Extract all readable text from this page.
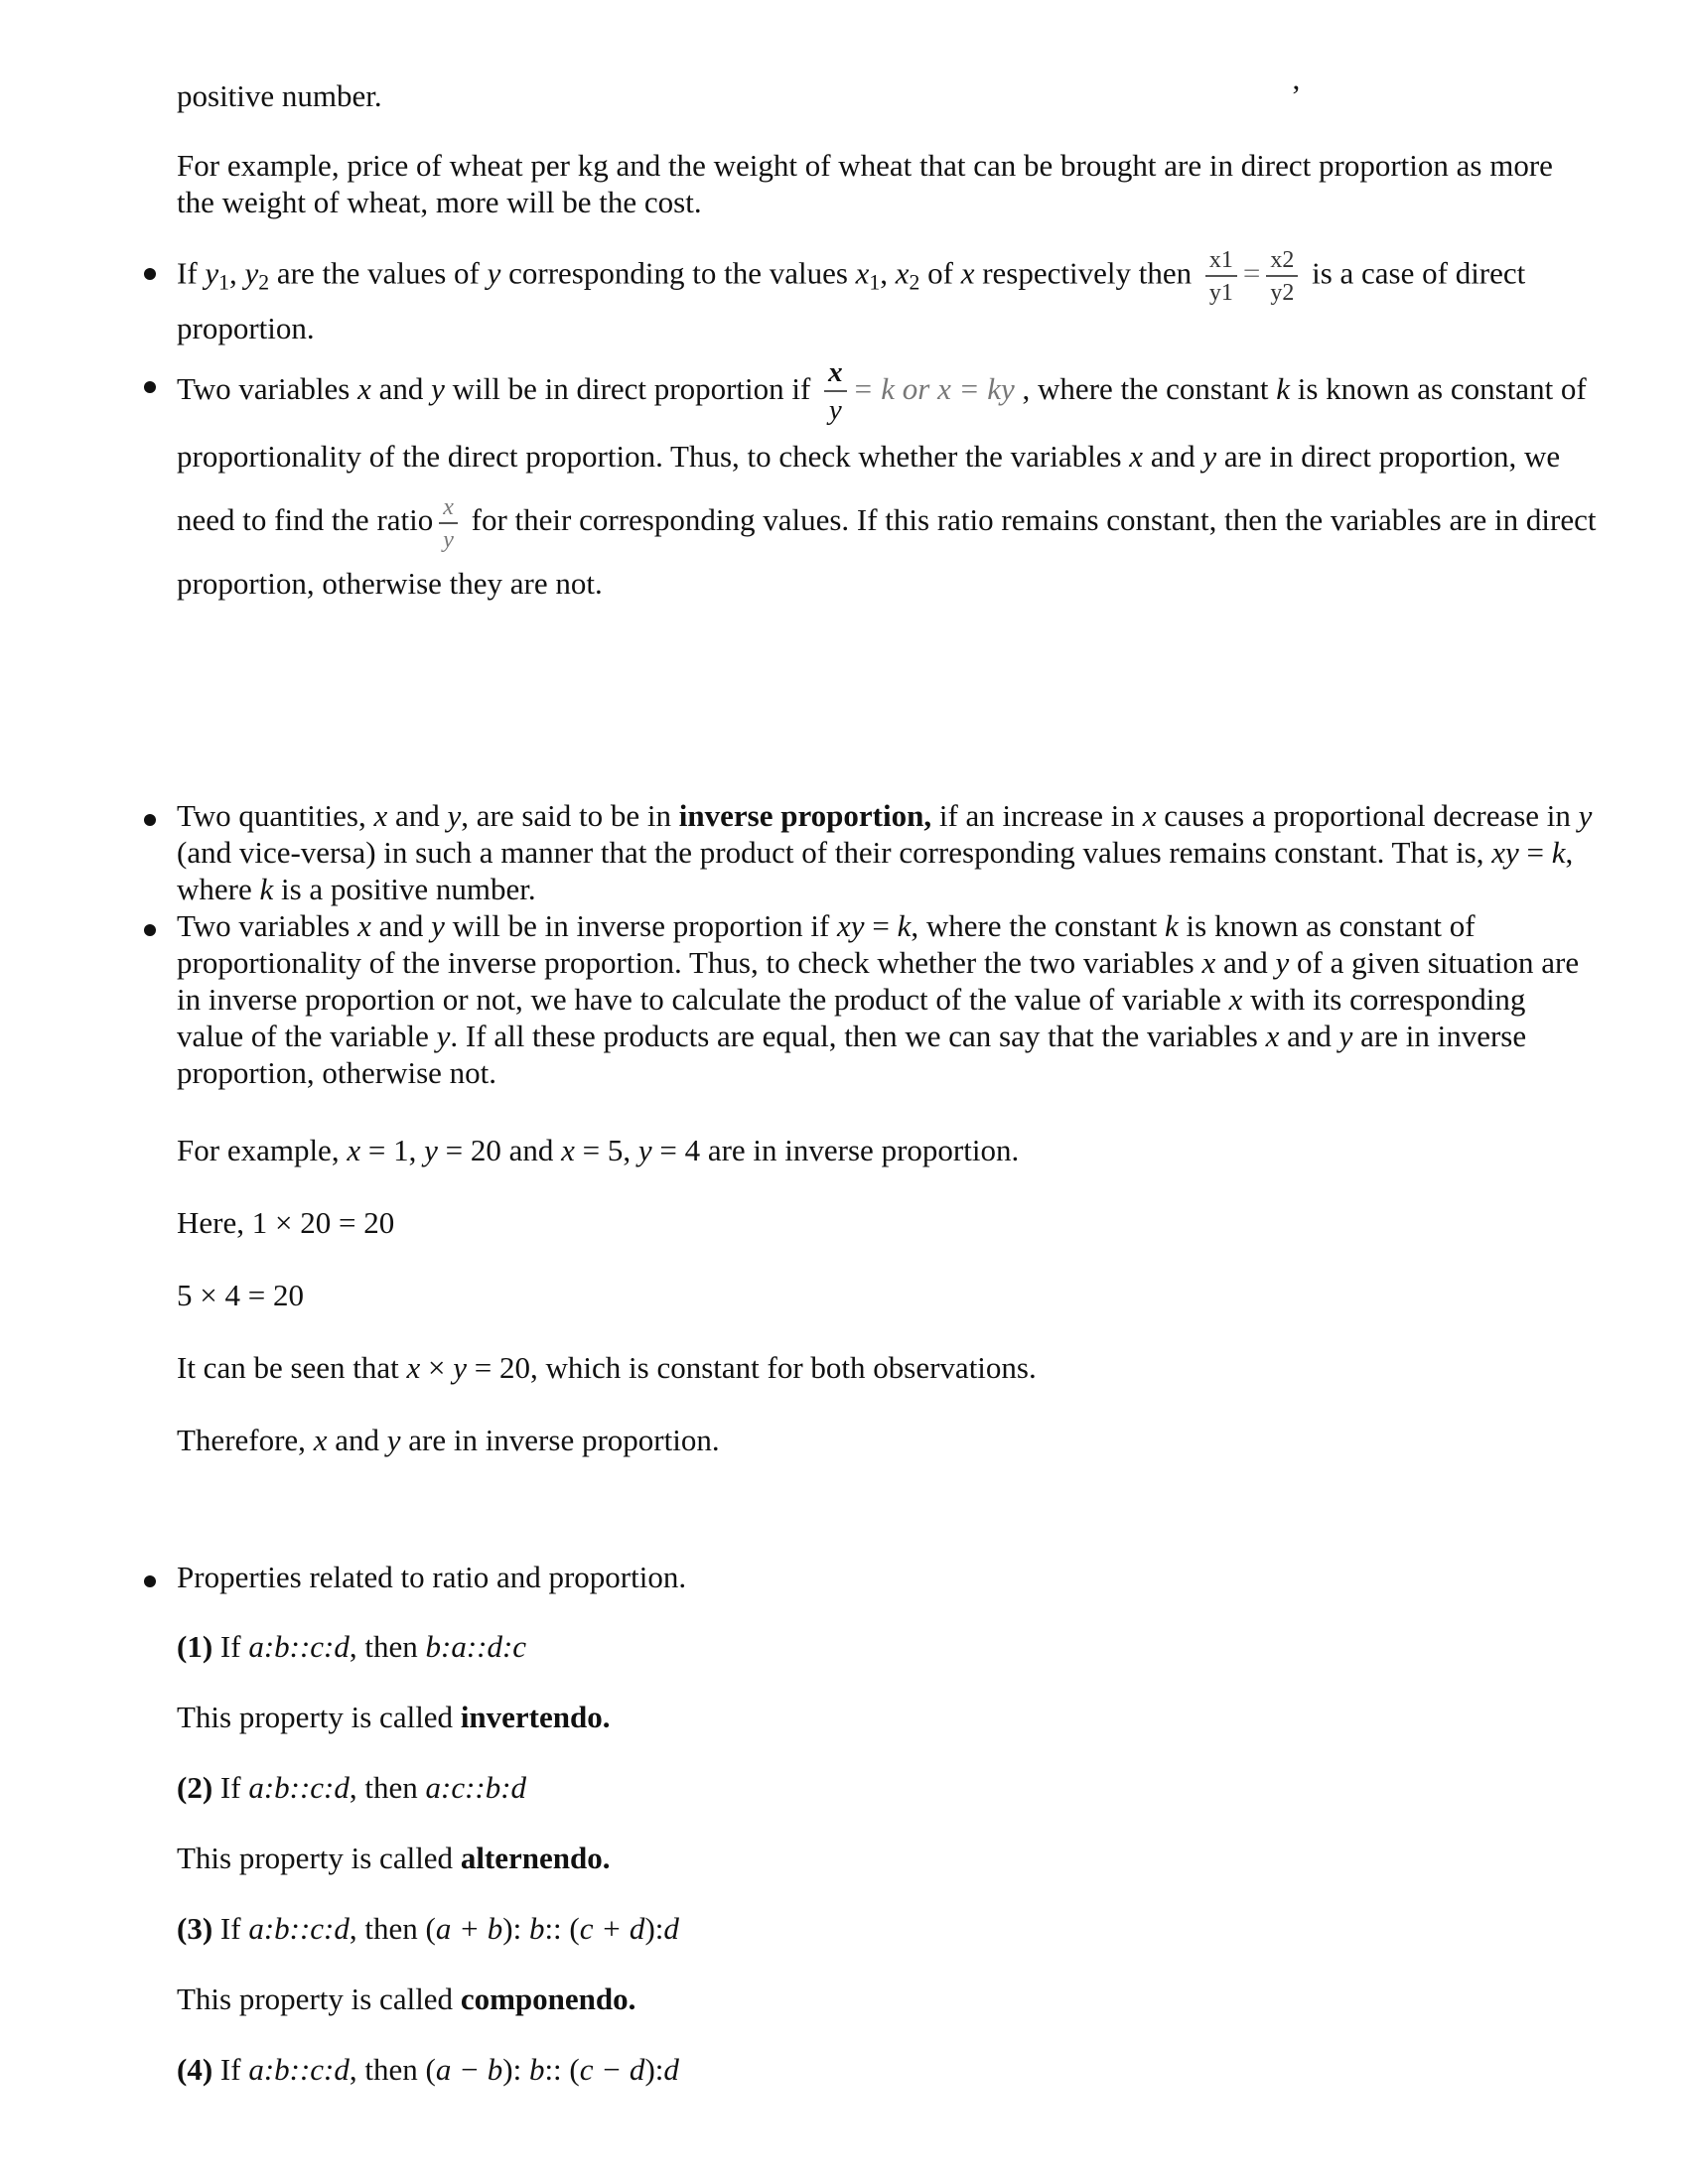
positive number.	ʼ

For example, price of wheat per kg and the weight of wheat that can be brought are in direct proportion as more the weight of wheat, more will be the cost.

If $y_1$, $y_2$ are the values of y corresponding to the values $x_1$, $x_2$ of x respectively then $\frac{x1}{y1} = \frac{x2}{y2}$ is a case of direct proportion.

Two variables x and y will be in direct proportion if $\frac{x}{y} = k$ or x = ky , where the constant k is known as constant of proportionality of the direct proportion. Thus, to check whether the variables x and y are in direct proportion, we need to find the ratio $\frac{x}{y}$ for their corresponding values. If this ratio remains constant, then the variables are in direct proportion, otherwise they are not.

Two quantities, x and y, are said to be in inverse proportion, if an increase in x causes a proportional decrease in y (and vice-versa) in such a manner that the product of their corresponding values remains constant. That is, xy = k, where k is a positive number.

Two variables x and y will be in inverse proportion if xy = k, where the constant k is known as constant of proportionality of the inverse proportion. Thus, to check whether the two variables x and y of a given situation are in inverse proportion or not, we have to calculate the product of the value of variable x with its corresponding value of the variable y. If all these products are equal, then we can say that the variables x and y are in inverse proportion, otherwise not.

For example, x = 1, y = 20 and x = 5, y = 4 are in inverse proportion.

Here, 1 × 20 = 20

5 × 4 = 20

It can be seen that x × y = 20, which is constant for both observations.

Therefore, x and y are in inverse proportion.

Properties related to ratio and proportion.

(1) If a:b::c:d, then b:a::d:c

This property is called invertendo.

(2) If a:b::c:d, then a:c::b:d

This property is called alternendo.

(3) If a:b::c:d, then (a + b): b:: (c + d):d

This property is called componendo.

(4) If a:b::c:d, then (a − b): b:: (c − d):d
